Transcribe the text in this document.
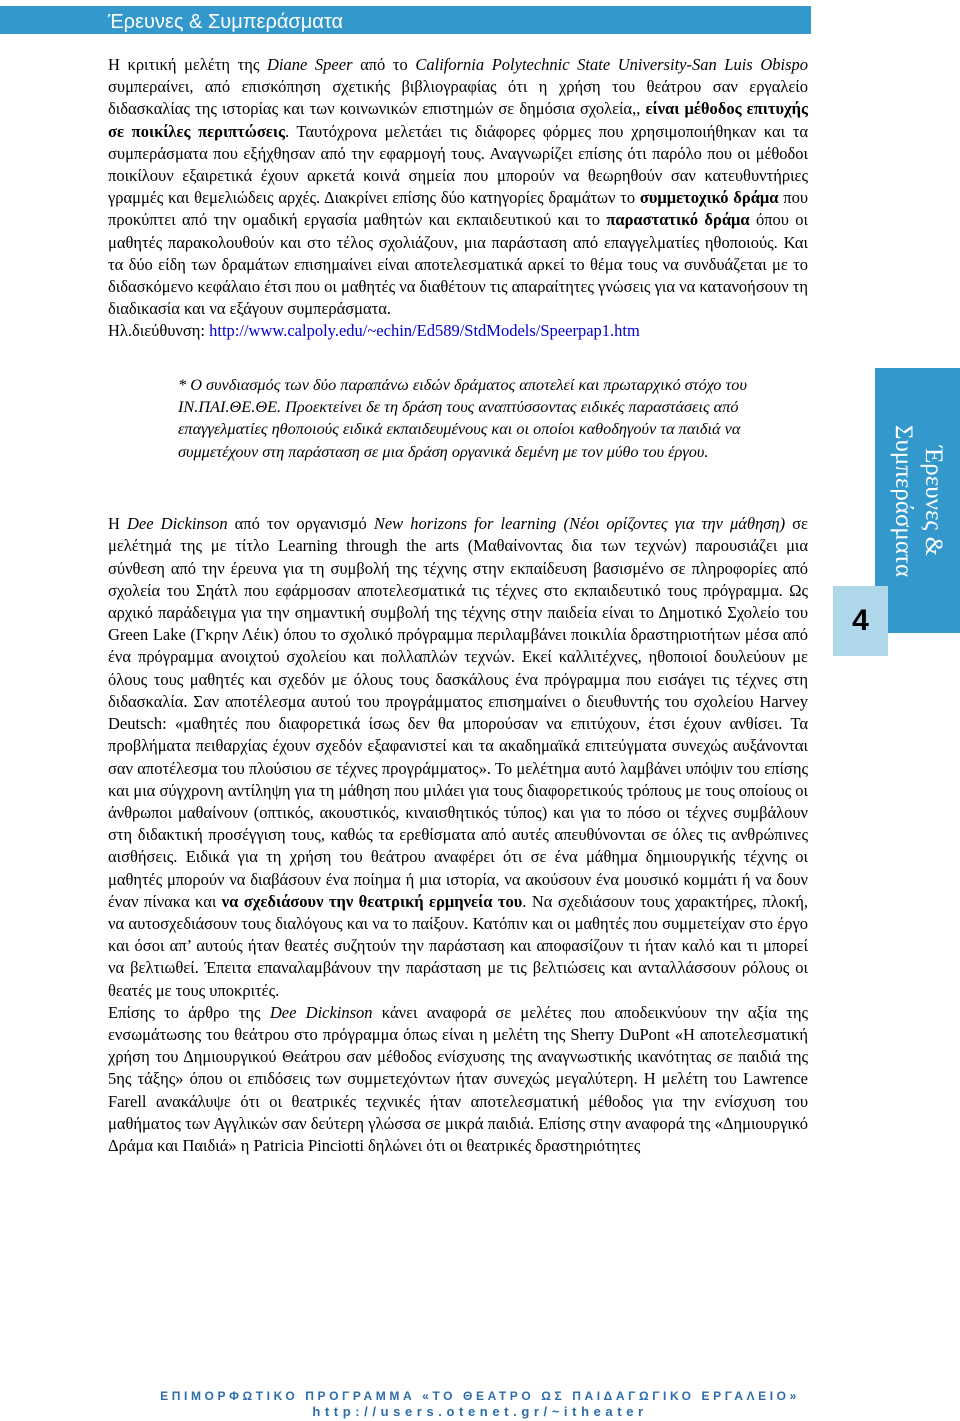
Έρευνες & Συμπεράσματα

Η κριτική μελέτη της Diane Speer από το California Polytechnic State University-San Luis Obispo συμπεραίνει, από επισκόπηση σχετικής βιβλιογραφίας ότι η χρήση του θεάτρου σαν εργαλείο διδασκαλίας της ιστορίας και των κοινωνικών επιστημών σε δημόσια σχολεία,, είναι μέθοδος επιτυχής σε ποικίλες περιπτώσεις. Ταυτόχρονα μελετάει τις διάφορες φόρμες που χρησιμοποιήθηκαν και τα συμπεράσματα που εξήχθησαν από την εφαρμογή τους. Αναγνωρίζει επίσης ότι παρόλο που οι μέθοδοι ποικίλουν εξαιρετικά έχουν αρκετά κοινά σημεία που μπορούν να θεωρηθούν σαν κατευθυντήριες γραμμές και θεμελιώδεις αρχές. Διακρίνει επίσης δύο κατηγορίες δραμάτων το συμμετοχικό δράμα που προκύπτει από την ομαδική εργασία μαθητών και εκπαιδευτικού και το παραστατικό δράμα όπου οι μαθητές παρακολουθούν και στο τέλος σχολιάζουν, μια παράσταση από επαγγελματίες ηθοποιούς. Και τα δύο είδη των δραμάτων επισημαίνει είναι αποτελεσματικά αρκεί το θέμα τους να συνδυάζεται με το διδασκόμενο κεφάλαιο έτσι που οι μαθητές να διαθέτουν τις απαραίτητες γνώσεις για να κατανοήσουν τη διαδικασία και να εξάγουν συμπεράσματα.

Ηλ.διεύθυνση: http://www.calpoly.edu/~echin/Ed589/StdModels/Speerpap1.htm

* Ο συνδιασμός των δύο παραπάνω ειδών δράματος αποτελεί και πρωταρχικό στόχο του ΙΝ.ΠΑΙ.ΘΕ.ΘΕ. Προεκτείνει δε τη δράση τους αναπτύσσοντας ειδικές παραστάσεις από επαγγελματίες ηθοποιούς ειδικά εκπαιδευμένους και οι οποίοι καθοδηγούν τα παιδιά να συμμετέχουν στη παράσταση σε μια δράση οργανικά δεμένη με τον μύθο του έργου.

Η Dee Dickinson από τον οργανισμό New horizons for learning (Νέοι ορίζοντες για την μάθηση) σε μελέτημά της με τίτλο Learning through the arts (Μαθαίνοντας δια των τεχνών) παρουσιάζει μια σύνθεση από την έρευνα για τη συμβολή της τέχνης στην εκπαίδευση βασισμένο σε πληροφορίες από σχολεία του Σηάτλ που εφάρμοσαν αποτελεσματικά τις τέχνες στο εκπαιδευτικό τους πρόγραμμα. Ως αρχικό παράδειγμα για την σημαντική συμβολή της τέχνης στην παιδεία είναι το Δημοτικό Σχολείο του Green Lake (Γκρην Λέικ) όπου το σχολικό πρόγραμμα περιλαμβάνει ποικιλία δραστηριοτήτων μέσα από ένα πρόγραμμα ανοιχτού σχολείου και πολλαπλών τεχνών. Εκεί καλλιτέχνες, ηθοποιοί δουλεύουν με όλους τους μαθητές και σχεδόν με όλους τους δασκάλους ένα πρόγραμμα που εισάγει τις τέχνες στη διδασκαλία. Σαν αποτέλεσμα αυτού του προγράμματος επισημαίνει ο διευθυντής του σχολείου Harvey Deutsch: «μαθητές που διαφορετικά ίσως δεν θα μπορούσαν να επιτύχουν, έτσι έχουν ανθίσει. Τα προβλήματα πειθαρχίας έχουν σχεδόν εξαφανιστεί και τα ακαδημαϊκά επιτεύγματα συνεχώς αυξάνονται σαν αποτέλεσμα του πλούσιου σε τέχνες προγράμματος». Το μελέτημα αυτό λαμβάνει υπόψιν του επίσης και μια σύγχρονη αντίληψη για τη μάθηση που μιλάει για τους διαφορετικούς τρόπους με τους οποίους οι άνθρωποι μαθαίνουν (οπτικός, ακουστικός, κιναισθητικός τύπος) και για το πόσο οι τέχνες συμβάλουν στη διδακτική προσέγγιση τους, καθώς τα ερεθίσματα από αυτές απευθύνονται σε όλες τις ανθρώπινες αισθήσεις. Ειδικά για τη χρήση του θεάτρου αναφέρει ότι σε ένα μάθημα δημιουργικής τέχνης οι μαθητές μπορούν να διαβάσουν ένα ποίημα ή μια ιστορία, να ακούσουν ένα μουσικό κομμάτι ή να δουν έναν πίνακα και να σχεδιάσουν την θεατρική ερμηνεία του. Να σχεδιάσουν τους χαρακτήρες, πλοκή, να αυτοσχεδιάσουν τους διαλόγους και να το παίξουν. Κατόπιν και οι μαθητές που συμμετείχαν στο έργο και όσοι απ’ αυτούς ήταν θεατές συζητούν την παράσταση και αποφασίζουν τι ήταν καλό και τι μπορεί να βελτιωθεί. Έπειτα επαναλαμβάνουν την παράσταση με τις βελτιώσεις και ανταλλάσσουν ρόλους οι θεατές με τους υποκριτές.

Επίσης το άρθρο της Dee Dickinson κάνει αναφορά σε μελέτες που αποδεικνύουν την αξία της ενσωμάτωσης του θεάτρου στο πρόγραμμα όπως είναι η μελέτη της Sherry DuPont «Η αποτελεσματική χρήση του Δημιουργικού Θεάτρου σαν μέθοδος ενίσχυσης της αναγνωστικής ικανότητας σε παιδιά της 5ης τάξης» όπου οι επιδόσεις των συμμετεχόντων ήταν συνεχώς μεγαλύτερη. Η μελέτη του Lawrence Farell ανακάλυψε ότι οι θεατρικές τεχνικές ήταν αποτελεσματική μέθοδος για την ενίσχυση του μαθήματος των Αγγλικών σαν δεύτερη γλώσσα σε μικρά παιδιά. Επίσης στην αναφορά της «Δημιουργικό Δράμα και Παιδιά» η Patricia Pinciotti δηλώνει ότι οι θεατρικές δραστηριότητες

Έρευνες &
Συμπεράσματα
4
ΕΠΙΜΟΡΦΩΤΙΚΟ ΠΡΟΓΡΑΜΜΑ «ΤΟ ΘΕΑΤΡΟ ΩΣ ΠΑΙΔΑΓΩΓΙΚΟ ΕΡΓΑΛΕΙΟ»
http://users.otenet.gr/~itheater
